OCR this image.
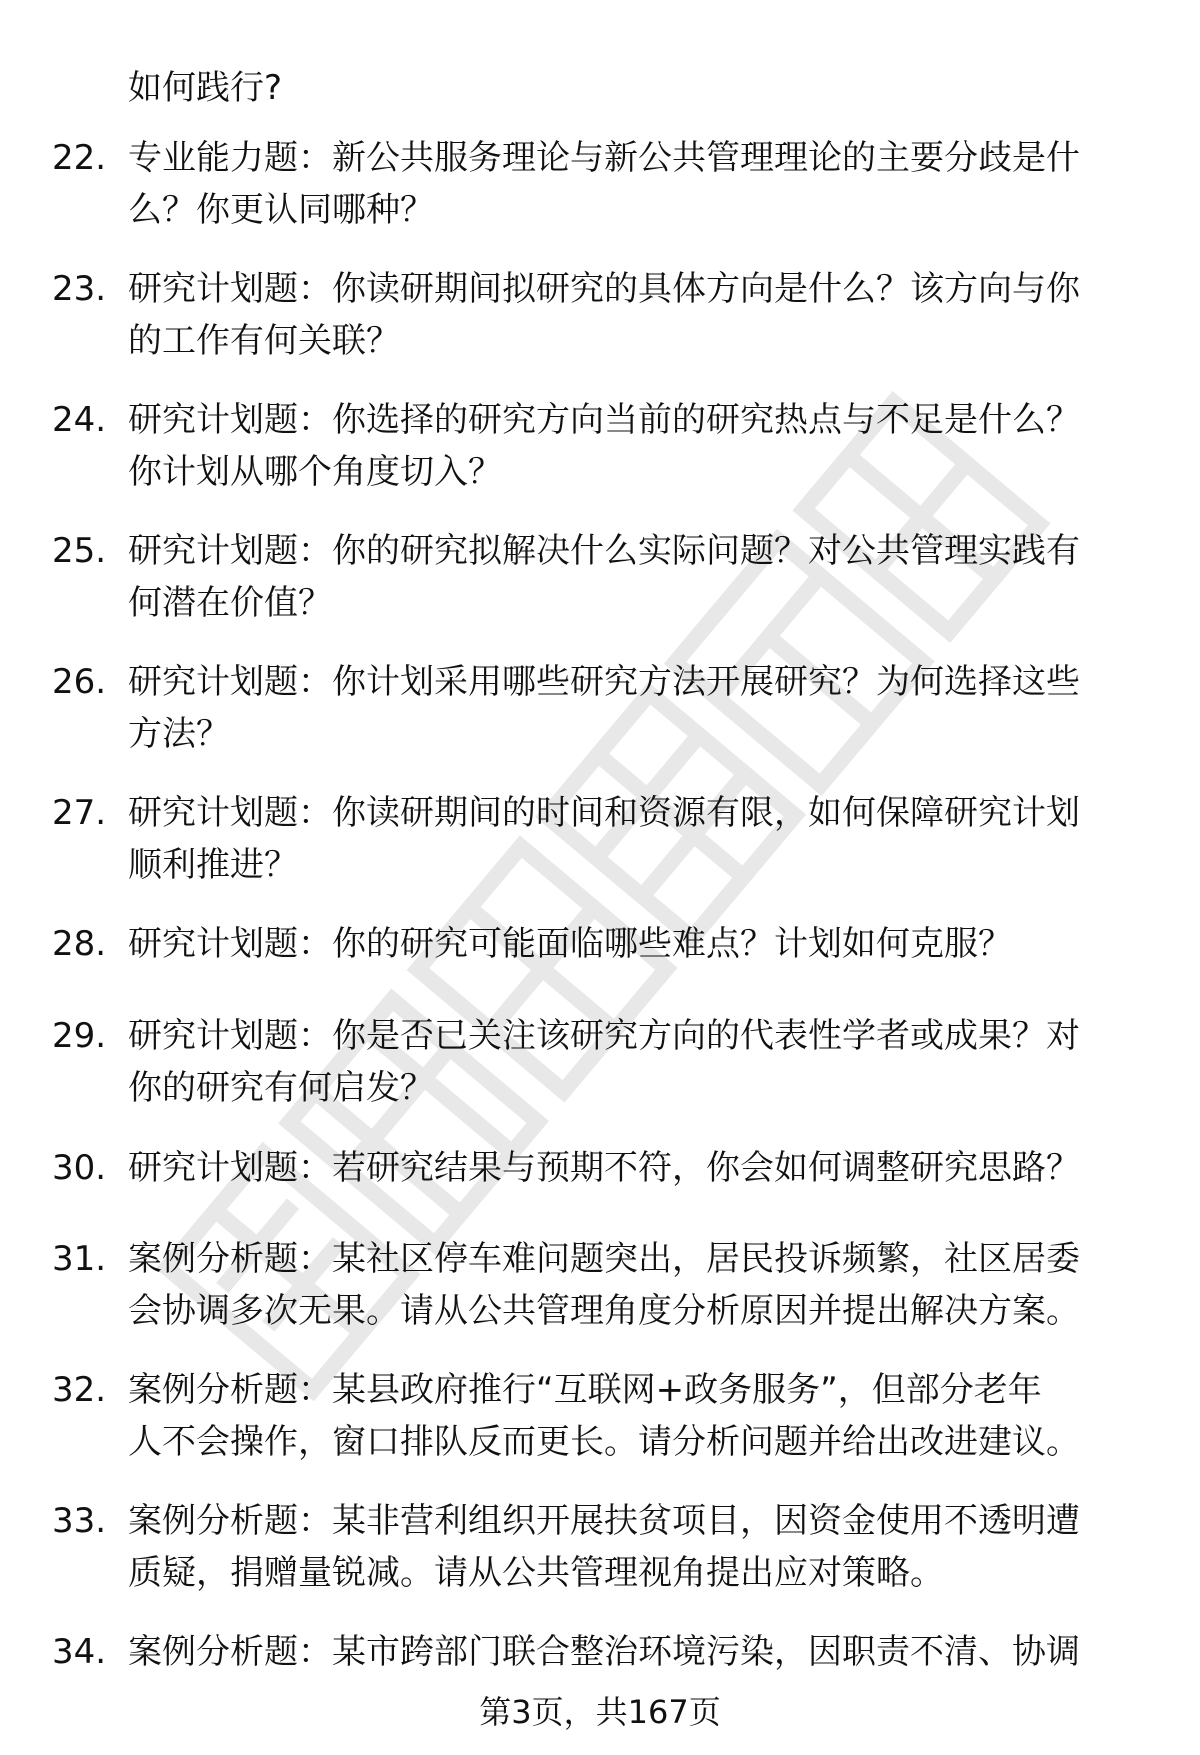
如何践行?
22. 专业能力题：新公共服务理论与新公共管理理论的主要分歧是什
么？你更认同哪种？
23. 研究计划题：你读研期间拟研究的具体方向是什么？该方向与你
的工作有何关联？
24. 研究计划题：你选择的研究方向当前的研究热点与不足是什么？
你计划从哪个角度切入？
25. 研究计划题：你的研究拟解决什么实际问题？对公共管理实践有
何潜在价值？
26. 研究计划题：你计划采用哪些研究方法开展研究？为何选择这些
方法？
27. 研究计划题：你读研期间的时间和资源有限，如何保障研究计划
顺利推进？
28. 研究计划题：你的研究可能面临哪些难点？计划如何克服？
29. 研究计划题：你是否已关注该研究方向的代表性学者或成果？对
你的研究有何启发？
30. 研究计划题：若研究结果与预期不符，你会如何调整研究思路？
31. 案例分析题：某社区停车难问题突出，居民投诉频繁，社区居委
会协调多次无果。请从公共管理角度分析原因并提出解决方案。
32. 案例分析题：某县政府推行“互联网+政务服务”，但部分老年
人不会操作，窗口排队反而更长。请分析问题并给出改进建议。
33. 案例分析题：某非营利组织开展扶贫项目，因资金使用不透明遭
质疑，捐赠量锐减。请从公共管理视角提出应对策略。
34. 案例分析题：某市跨部门联合整治环境污染，因职责不清、协调
第3页，共167页
